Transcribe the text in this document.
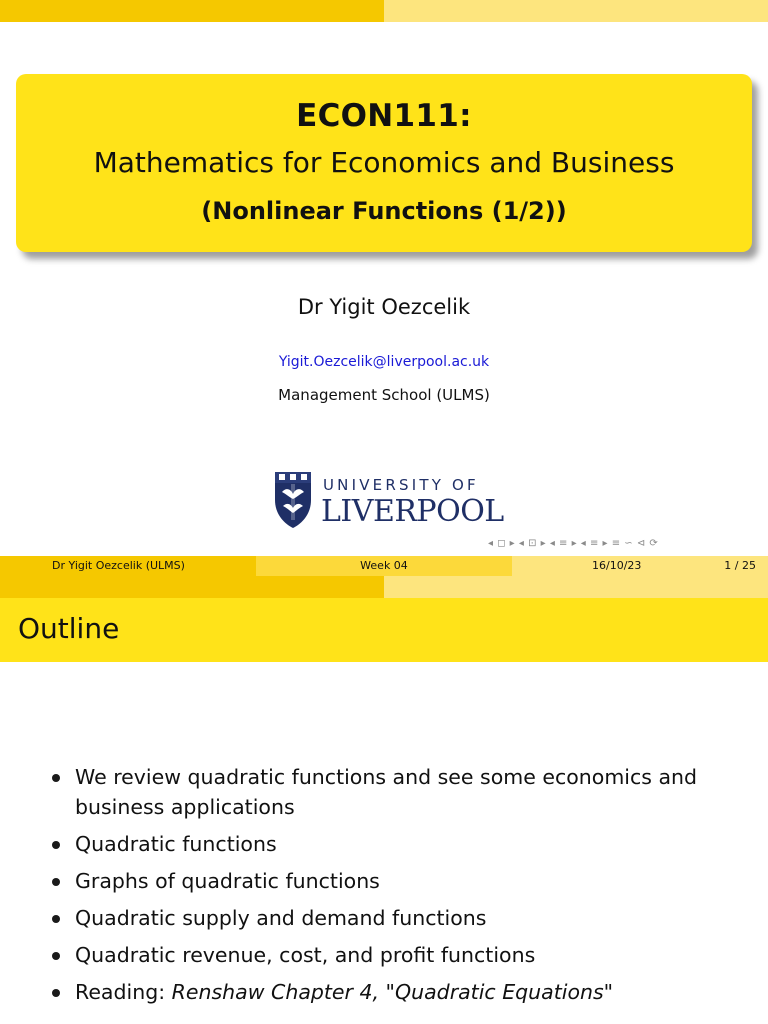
ECON111:
Mathematics for Economics and Business
(Nonlinear Functions (1/2))
Dr Yigit Oezcelik
Yigit.Oezcelik@liverpool.ac.uk
Management School (ULMS)
UNIVERSITY OF
LIVERPOOL
◂ ◻ ▸ ◂ ⊡ ▸ ◂ ≡ ▸ ◂ ≡ ▸ ≡ ∽ ⊲ ⟳
Dr Yigit Oezcelik (ULMS)	Week 04	16/10/23	1 / 25
Outline
We review quadratic functions and see some economics and business applications
Quadratic functions
Graphs of quadratic functions
Quadratic supply and demand functions
Quadratic revenue, cost, and profit functions
Reading: Renshaw Chapter 4, "Quadratic Equations"
